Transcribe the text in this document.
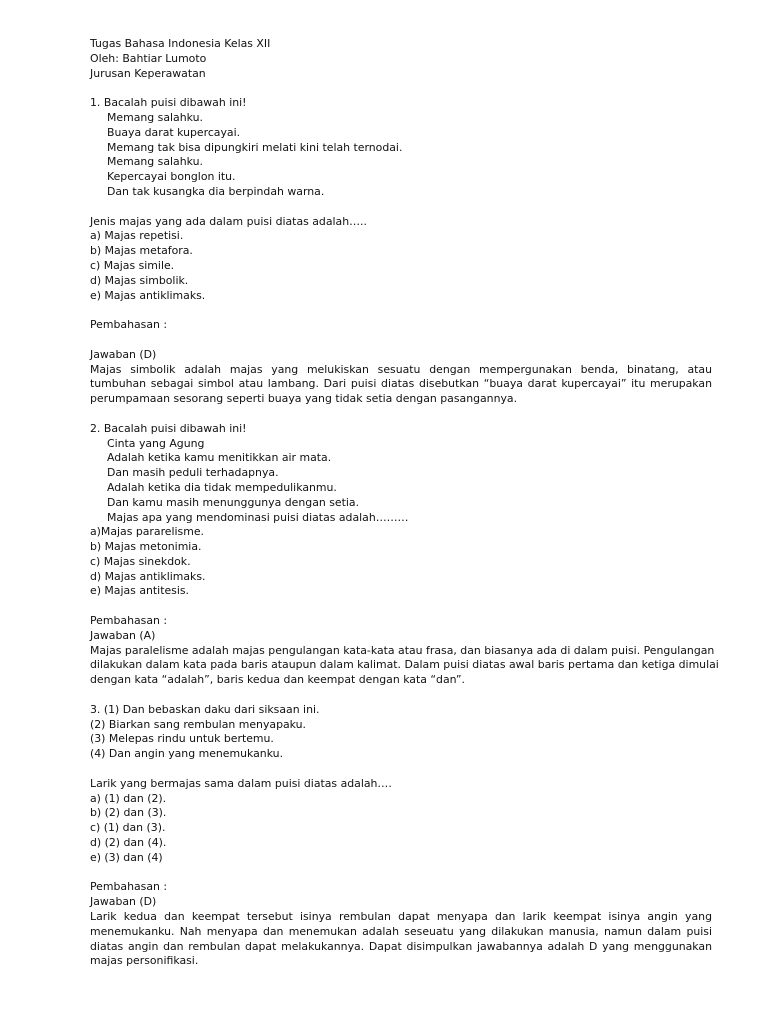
Tugas Bahasa Indonesia Kelas XII
Oleh: Bahtiar Lumoto
Jurusan Keperawatan
1. Bacalah puisi dibawah ini!
Memang salahku.
Buaya darat kupercayai.
Memang tak bisa dipungkiri melati kini telah ternodai.
Memang salahku.
Kepercayai bonglon itu.
Dan tak kusangka dia berpindah warna.
Jenis majas yang ada dalam puisi diatas adalah…..
a) Majas repetisi.
b) Majas metafora.
c) Majas simile.
d) Majas simbolik.
e) Majas antiklimaks.
Pembahasan :
Jawaban (D)
Majas simbolik adalah majas yang melukiskan sesuatu dengan mempergunakan benda, binatang, atau
tumbuhan sebagai simbol atau lambang. Dari puisi diatas disebutkan “buaya darat kupercayai” itu merupakan
perumpamaan sesorang seperti buaya yang tidak setia dengan pasangannya.
2. Bacalah puisi dibawah ini!
Cinta yang Agung
Adalah ketika kamu menitikkan air mata.
Dan masih peduli terhadapnya.
Adalah ketika dia tidak mempedulikanmu.
Dan kamu masih menunggunya dengan setia.
Majas apa yang mendominasi puisi diatas adalah………
a)Majas pararelisme.
b) Majas metonimia.
c) Majas sinekdok.
d) Majas antiklimaks.
e) Majas antitesis.
Pembahasan :
Jawaban (A)
Majas paralelisme adalah majas pengulangan kata-kata atau frasa, dan biasanya ada di dalam puisi. Pengulangan
dilakukan dalam kata pada baris ataupun dalam kalimat. Dalam puisi diatas awal baris pertama dan ketiga dimulai
dengan kata “adalah”, baris kedua dan keempat dengan kata “dan”.
3. (1) Dan bebaskan daku dari siksaan ini.
(2) Biarkan sang rembulan menyapaku.
(3) Melepas rindu untuk bertemu.
(4) Dan angin yang menemukanku.
Larik yang bermajas sama dalam puisi diatas adalah….
a) (1) dan (2).
b) (2) dan (3).
c) (1) dan (3).
d) (2) dan (4).
e) (3) dan (4)
Pembahasan :
Jawaban (D)
Larik kedua dan keempat tersebut isinya rembulan dapat menyapa dan larik keempat isinya angin yang
menemukanku. Nah menyapa dan menemukan adalah seseuatu yang dilakukan manusia, namun dalam puisi
diatas angin dan rembulan dapat melakukannya. Dapat disimpulkan jawabannya adalah D yang menggunakan
majas personifikasi.
